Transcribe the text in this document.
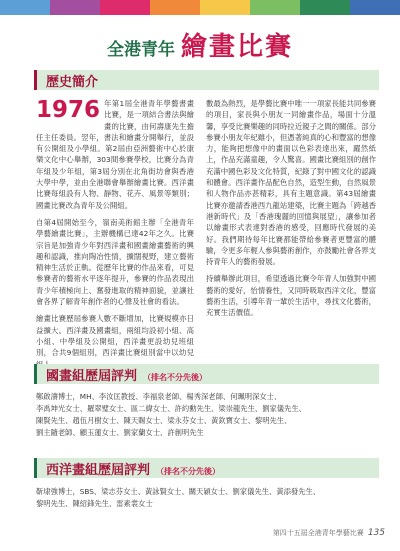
全港青年 繪畫比賽
歷史簡介

1976 年第1屆全港青年學藝書畫比賽，是一項結合書法與繪畫的比賽，由何壽康先生擔任主任委員。翌年，書法和繪畫分開舉行，並設有公開組及小學組。第2屆由亞洲藝術中心於康樂文化中心舉辦，303間參賽學校，比賽分為青年組及少年組，第3屆分別在北角街坊會與香港大學中學，並由全港聯會舉辦繪畫比賽。西洋畫比賽每組設有人物、靜物、花卉、風景等類別；國畫比賽改為青年及公開組。

自第4屆開始至今，嶺南美術館主辦「全港青年學藝繪畫比賽」，主辦機構已達42年之久。比賽宗旨是加強青少年對西洋畫和國畫繪畫藝術的興趣和認識，推向陶冶性情，擴闊視野，建立藝術精神生活於正軌。從歷年比賽的作品來看，可見參賽者的藝術水平逐年提升，參賽的作品表現出青少年積極向上、奮發進取的精神面貌，並讓社會各界了解青年創作者的心聲及社會的看法。

繪畫比賽歷屆參賽人數不斷增加，比賽規模亦日益擴大。西洋畫及國畫組，兩組均設初小組、高小組、中學組及公開組，西洋畫更設幼兒班組別，合共9個組別，西洋畫比賽組別當中以幼兒

數最為熱烈，是學藝比賽中唯一一項家長能共同參賽的項目，家長與小朋友一同繪畫作品，場面十分溫馨，享受比賽樂趣的同時拉近親子之間的關係。部分參賽小朋友年紀雖小，但憑著純真的心和豐富的想像力，能夠把想像中的畫面以色彩表達出來，躍然紙上，作品充滿童趣，令人驚喜。國畫比賽組別的創作充滿中國色彩及文化特質，紀錄了對中國文化的認識和體會。西洋畫作品配色自然，造型生動，自然風景和人物作品亦甚精彩，具有主題意識。第43屆繪畫比賽亦邀請香港西九龍站建築，比賽主題為「跨越香港新時代」及「香港瑰麗的回憶與展望」，讓參加者以繪畫形式表達對香港的感受，回應時代發展的美好。我們期待每年比賽都能帶給參賽者更豐富的體驗，令更多年輕人參與藝術創作，亦鼓勵社會各界支持青年人的藝術發展。

持續舉辦此項目，希望透過比賽令年青人加強對中國藝術的愛好，怡情養性，又同時吸取西洋文化，豐富藝術生活，引導年青一輩於生活中，尋找文化藝術，充實生活價值。

國畫組歷屆評判 （排名不分先後）
鄭啟濤博士，MH、李汝匡教授、李福泉老師、楊秀深老師、何珮明深女士、
李禹坤光女士、羅翠璧女士、區二緯女士、許約勳先生、梁崇龍先生、劉家儀先生、
陳賢先生、趙伍月樹女士、陳天賜女士、梁永芬女士、黃欽寶女士、黎明先生、
劉主隨老師、顧玉蓮女士、劉家蘭女士、許創明先生
西洋畫組歷屆評判 （排名不分先後）
靳埭強博士，SBS、梁志芬女士、黃詠賢女士、關天穎女士、劉家儀先生、黃添發先生、
黎明先生、陳紹鋒先生、雷素裳女士
第四十五屆全港青年學藝比賽 135
